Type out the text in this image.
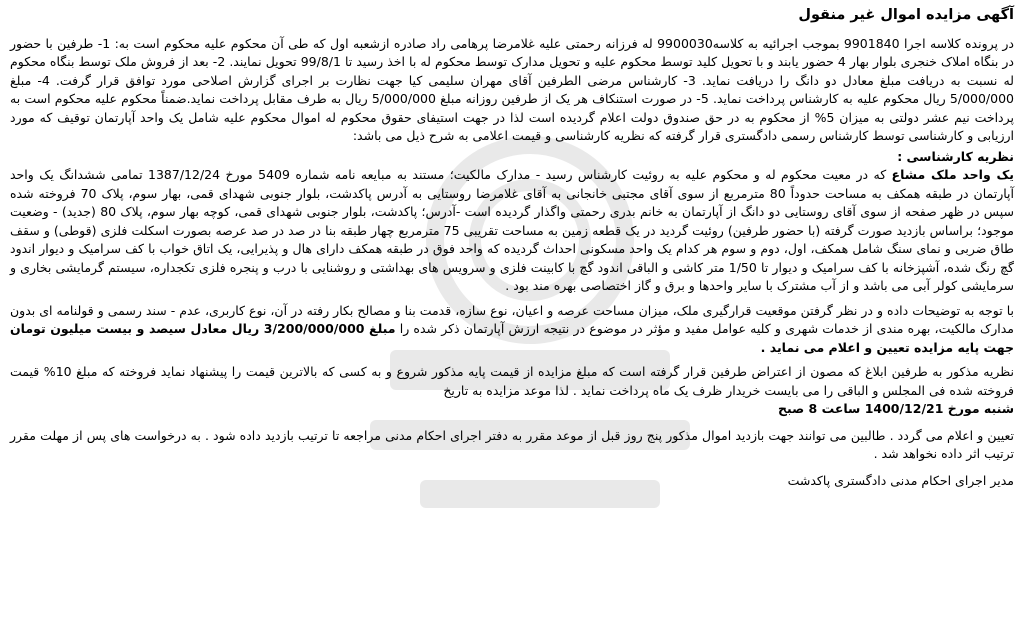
آگهی مزایده اموال غیر منقول

در پرونده کلاسه اجرا 9901840 بموجب اجرائیه به کلاسه9900030 له فرزانه رحمتی علیه غلامرضا پرهامی راد صادره ازشعبه اول که طی آن محکوم علیه محکوم است به: 1- طرفین با حضور در بنگاه املاک خنجری بلوار بهار 4 حضور یابند و با تحویل کلید توسط محکوم علیه و تحویل مدارک توسط محکوم له با اخذ رسید تا 99/8/1 تحویل نمایند. 2- بعد از فروش ملک توسط بنگاه محکوم له نسبت به دریافت مبلغ معادل دو دانگ را دریافت نماید. 3- کارشناس مرضی الطرفین آقای مهران سلیمی کیا جهت نظارت بر اجرای گزارش اصلاحی مورد توافق قرار گرفت. 4- مبلغ 5/000/000 ریال محکوم علیه به کارشناس پرداخت نماید. 5- در صورت استنکاف هر یک از طرفین روزانه مبلغ 5/000/000 ریال به طرف مقابل پرداخت نماید.ضمناً محکوم علیه محکوم است به پرداخت نیم عشر دولتی به میزان 5% از محکوم به در حق صندوق دولت اعلام گردیده است لذا در جهت استیفای حقوق محکوم له اموال محکوم علیه شامل یک واحد آپارتمان توقیف که مورد ارزیابی و کارشناسی توسط کارشناس رسمی دادگستری قرار گرفته که نظریه کارشناسی و قیمت اعلامی به شرح ذیل می باشد:

نظریه کارشناسی :

یک واحد ملک مشاع که در معیت محکوم له و محکوم علیه به روئیت کارشناس رسید - مدارک مالکیت؛ مستند به مبایعه نامه شماره 5409 مورخ 1387/12/24 تمامی ششدانگ یک واحد آپارتمان در طبقه همکف به مساحت حدوداً 80 مترمربع از سوی آقای مجتبی خانجانی به آقای غلامرضا روستایی به آدرس پاکدشت، بلوار جنوبی شهدای قمی، بهار سوم، پلاک 70 فروخته شده سپس در ظهر صفحه از سوی آقای روستایی دو دانگ از آپارتمان به خانم بدری رحمتی واگذار گردیده است -آدرس؛ پاکدشت، بلوار جنوبی شهدای قمی، کوچه بهار سوم، پلاک 80 (جدید) - وضعیت موجود؛ براساس بازدید صورت گرفته (با حضور طرفین) روئیت گردید در یک قطعه زمین به مساحت تقریبی 75 مترمربع چهار طبقه بنا در صد در صد عرصه بصورت اسکلت فلزی (قوطی) و سقف طاق ضربی و نمای سنگ شامل همکف، اول، دوم و سوم هر کدام یک واحد مسکونی احداث گردیده که واحد فوق در طبقه همکف دارای هال و پذیرایی، یک اتاق خواب با کف سرامیک و دیوار اندود گچ رنگ شده، آشپزخانه با کف سرامیک و دیوار تا 1/50 متر کاشی و الباقی اندود گچ با کابینت فلزی و سرویس های بهداشتی و روشنایی با درب و پنجره فلزی تکجداره، سیستم گرمایشی بخاری و سرمایشی کولر آبی می باشد و از آب مشترک با سایر واحدها و برق و گاز اختصاصی بهره مند بود .

با توجه به توضیحات داده و در نظر گرفتن موقعیت قرارگیری ملک، میزان مساحت عرصه و اعیان، نوع سازه، قدمت بنا و مصالح بکار رفته در آن، نوع کاربری، عدم - سند رسمی و قولنامه ای بدون مدارک مالکیت، بهره مندی از خدمات شهری و کلیه عوامل مفید و مؤثر در موضوع در نتیجه ارزش آپارتمان ذکر شده را مبلغ 3/200/000/000 ریال معادل سیصد و بیست میلیون تومان جهت پایه مزایده تعیین و اعلام می نماید .

نظریه مذکور به طرفین ابلاغ که مصون از اعتراض طرفین قرار گرفته است که مبلغ مزایده از قیمت پایه مذکور شروع و به کسی که بالاترین قیمت را پیشنهاد نماید فروخته که مبلغ 10% قیمت فروخته شده فی المجلس و الباقی را می بایست خریدار ظرف یک ماه پرداخت نماید . لذا موعد مزایده به تاریخ
شنبه مورخ 1400/12/21 ساعت 8 صبح

تعیین و اعلام می گردد . طالبین می توانند جهت بازدید اموال مذکور پنج روز قبل از موعد مقرر به دفتر اجرای احکام مدنی مراجعه تا ترتیب بازدید داده شود . به درخواست های پس از مهلت مقرر ترتیب اثر داده نخواهد شد .

مدیر اجرای احکام مدنی دادگستری پاکدشت
